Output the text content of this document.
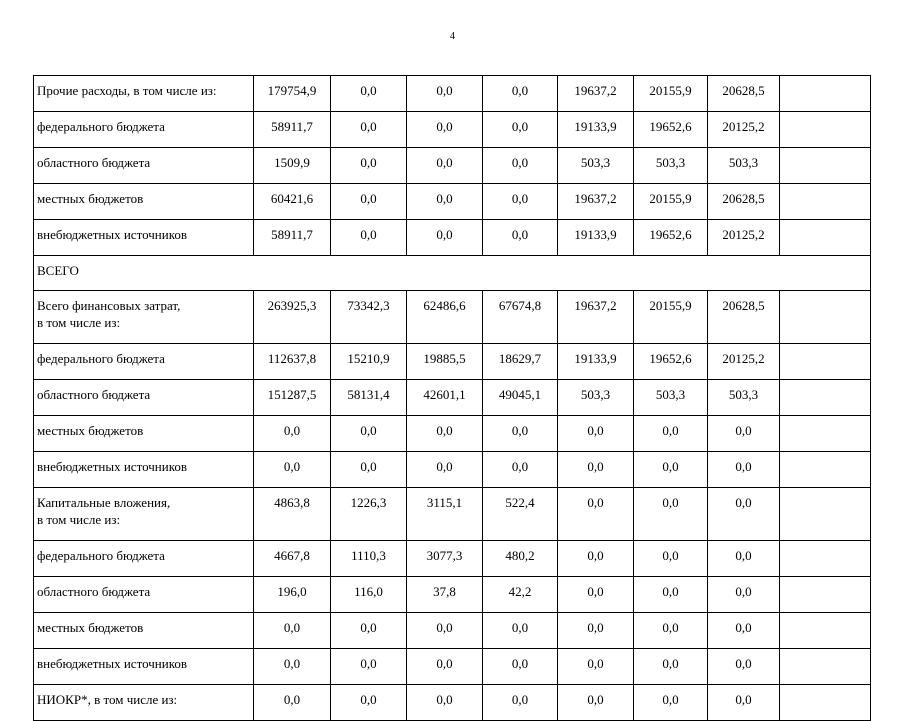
4
Прочие расходы, в том числе из:	179754,9	0,0	0,0	0,0	19637,2	20155,9	20628,5	
федерального бюджета	58911,7	0,0	0,0	0,0	19133,9	19652,6	20125,2	
областного бюджета	1509,9	0,0	0,0	0,0	503,3	503,3	503,3	
местных бюджетов	60421,6	0,0	0,0	0,0	19637,2	20155,9	20628,5	
внебюджетных источников	58911,7	0,0	0,0	0,0	19133,9	19652,6	20125,2	
ВСЕГО								
Всего финансовых затрат,
в том числе из:	263925,3	73342,3	62486,6	67674,8	19637,2	20155,9	20628,5	
федерального бюджета	112637,8	15210,9	19885,5	18629,7	19133,9	19652,6	20125,2	
областного бюджета	151287,5	58131,4	42601,1	49045,1	503,3	503,3	503,3	
местных бюджетов	0,0	0,0	0,0	0,0	0,0	0,0	0,0	
внебюджетных источников	0,0	0,0	0,0	0,0	0,0	0,0	0,0	
Капитальные вложения,
в том числе из:	4863,8	1226,3	3115,1	522,4	0,0	0,0	0,0	
федерального бюджета	4667,8	1110,3	3077,3	480,2	0,0	0,0	0,0	
областного бюджета	196,0	116,0	37,8	42,2	0,0	0,0	0,0	
местных бюджетов	0,0	0,0	0,0	0,0	0,0	0,0	0,0	
внебюджетных источников	0,0	0,0	0,0	0,0	0,0	0,0	0,0	
НИОКР*, в том числе из:	0,0	0,0	0,0	0,0	0,0	0,0	0,0	
